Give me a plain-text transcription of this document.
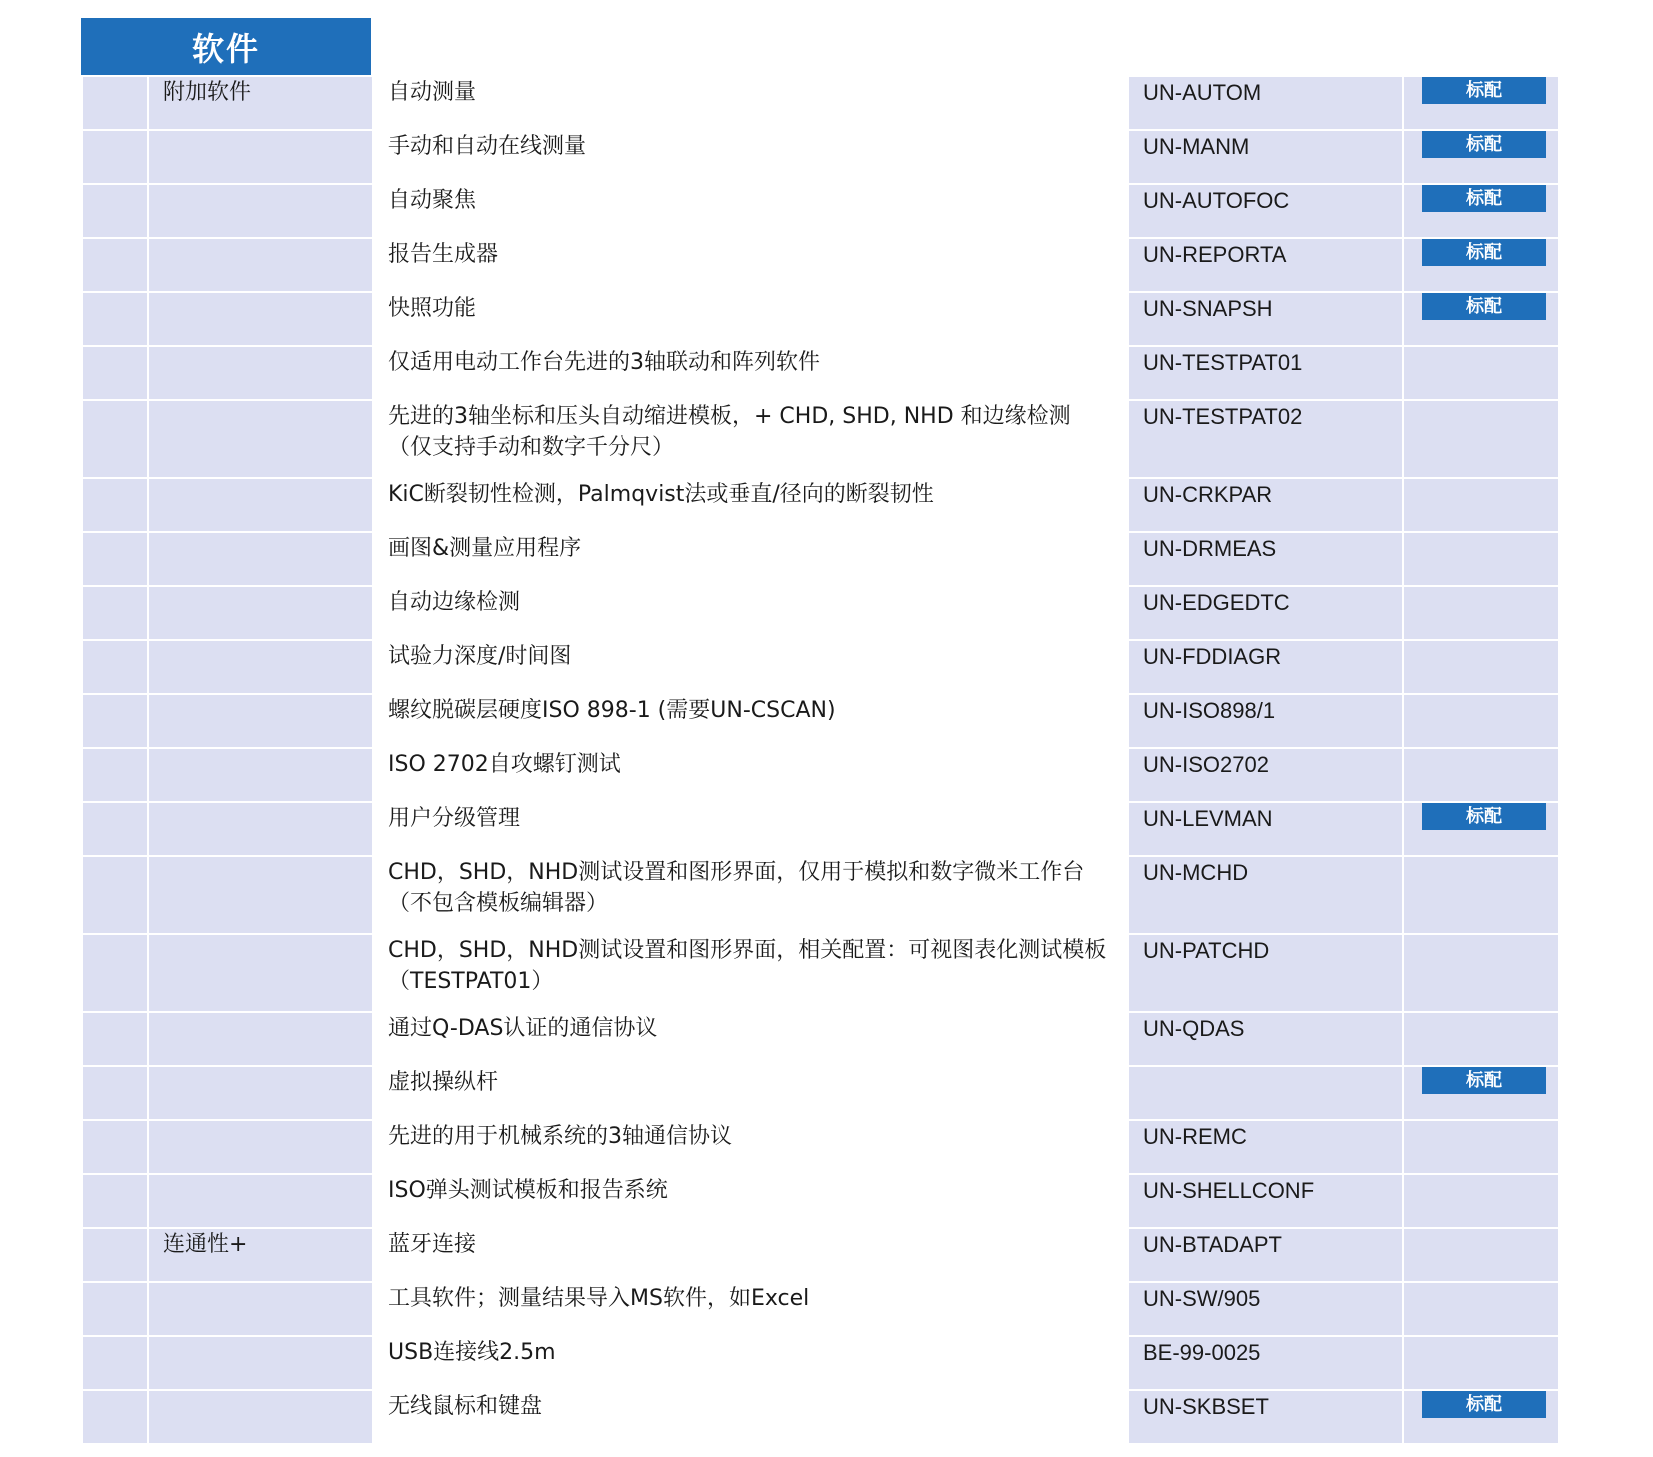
软件
	附加软件	自动测量	UN-AUTOM	标配

		手动和自动在线测量	UN-MANM	标配

		自动聚焦	UN-AUTOFOC	标配

		报告生成器	UN-REPORTA	标配

		快照功能	UN-SNAPSH	标配

		仅适用电动工作台先进的3轴联动和阵列软件	UN-TESTPAT01	
		先进的3轴坐标和压头自动缩进模板，+ CHD, SHD, NHD 和边缘检测（仅支持手动和数字千分尺）	UN-TESTPAT02	
		KiC断裂韧性检测，Palmqvist法或垂直/径向的断裂韧性	UN-CRKPAR	
		画图&测量应用程序	UN-DRMEAS	
		自动边缘检测	UN-EDGEDTC	
		试验力深度/时间图	UN-FDDIAGR	
		螺纹脱碳层硬度ISO 898-1 (需要UN-CSCAN)	UN-ISO898/1	
		ISO 2702自攻螺钉测试	UN-ISO2702	
		用户分级管理	UN-LEVMAN	标配

		CHD，SHD，NHD测试设置和图形界面，仅用于模拟和数字微米工作台（不包含模板编辑器）	UN-MCHD	
		CHD，SHD，NHD测试设置和图形界面，相关配置：可视图表化测试模板（TESTPAT01）	UN-PATCHD	
		通过Q-DAS认证的通信协议	UN-QDAS	
		虚拟操纵杆		标配

		先进的用于机械系统的3轴通信协议	UN-REMC	
		ISO弹头测试模板和报告系统	UN-SHELLCONF	
	连通性+	蓝牙连接	UN-BTADAPT	
		工具软件；测量结果导入MS软件，如Excel	UN-SW/905	
		USB连接线2.5m	BE-99-0025	
		无线鼠标和键盘	UN-SKBSET	标配
